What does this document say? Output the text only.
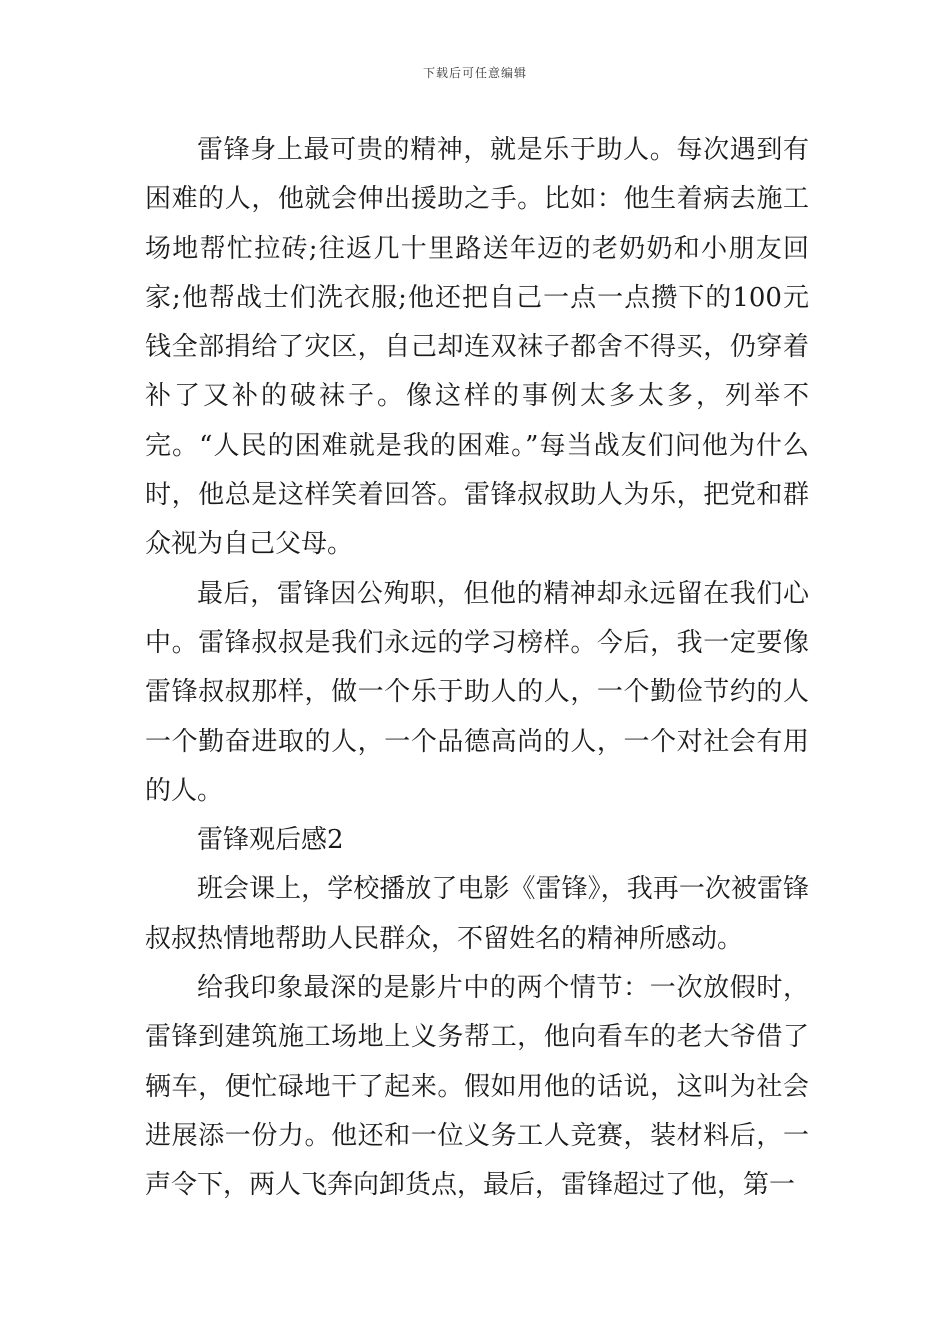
下载后可任意编辑

雷锋身上最可贵的精神，就是乐于助人。每次遇到有困难的人，他就会伸出援助之手。比如：他生着病去施工场地帮忙拉砖;往返几十里路送年迈的老奶奶和小朋友回家;他帮战士们洗衣服;他还把自己一点一点攒下的100元钱全部捐给了灾区，自己却连双袜子都舍不得买，仍穿着补了又补的破袜子。像这样的事例太多太多，列举不完。“人民的困难就是我的困难。”每当战友们问他为什么时，他总是这样笑着回答。雷锋叔叔助人为乐，把党和群众视为自己父母。

最后，雷锋因公殉职，但他的精神却永远留在我们心中。雷锋叔叔是我们永远的学习榜样。今后，我一定要像雷锋叔叔那样，做一个乐于助人的人，一个勤俭节约的人一个勤奋进取的人，一个品德高尚的人，一个对社会有用的人。

雷锋观后感2

班会课上，学校播放了电影《雷锋》，我再一次被雷锋叔叔热情地帮助人民群众，不留姓名的精神所感动。

给我印象最深的是影片中的两个情节：一次放假时，雷锋到建筑施工场地上义务帮工，他向看车的老大爷借了辆车，便忙碌地干了起来。假如用他的话说，这叫为社会进展添一份力。他还和一位义务工人竞赛，装材料后，一声令下，两人飞奔向卸货点，最后，雷锋超过了他，第一
